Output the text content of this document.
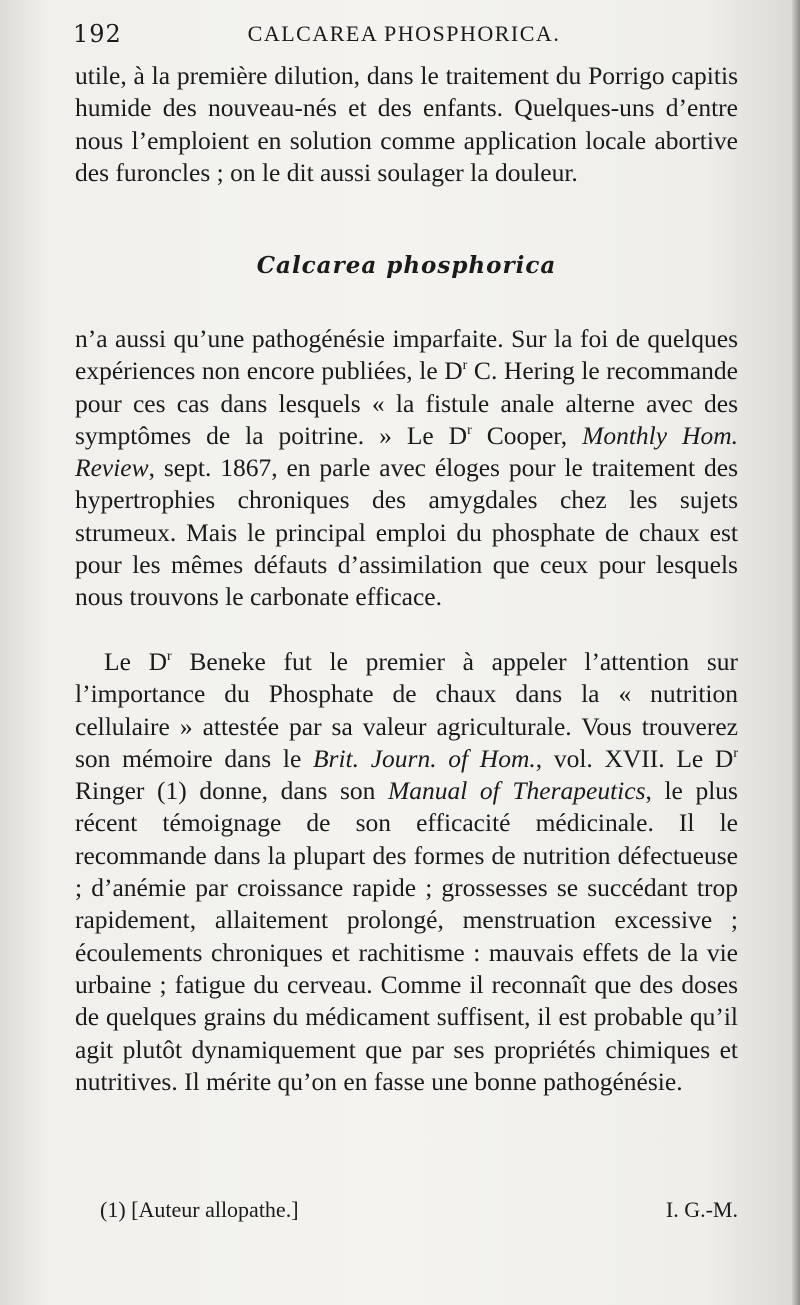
192	CALCAREA PHOSPHORICA.
utile, à la première dilution, dans le traitement du Porrigo capitis humide des nouveau-nés et des enfants. Quelques-uns d’entre nous l’emploient en solution comme application locale abortive des furoncles ; on le dit aussi soulager la douleur.
Calcarea phosphorica
n’a aussi qu’une pathogénésie imparfaite. Sur la foi de quelques expériences non encore publiées, le $D^r$ C. Hering le recommande pour ces cas dans lesquels « la fistule anale alterne avec des symptômes de la poitrine. » Le $D^r$ Cooper, Monthly Hom. Review, sept. 1867, en parle avec éloges pour le traitement des hypertrophies chroniques des amygdales chez les sujets strumeux. Mais le principal emploi du phosphate de chaux est pour les mêmes défauts d’assimilation que ceux pour lesquels nous trouvons le carbonate efficace.
Le $D^r$ Beneke fut le premier à appeler l’attention sur l’importance du Phosphate de chaux dans la « nutrition cellulaire » attestée par sa valeur agriculturale. Vous trouverez son mémoire dans le Brit. Journ. of Hom., vol. XVII. Le $D^r$ Ringer (1) donne, dans son Manual of Therapeutics, le plus récent témoignage de son efficacité médicinale. Il le recommande dans la plupart des formes de nutrition défectueuse ; d’anémie par croissance rapide ; grossesses se succédant trop rapidement, allaitement prolongé, menstruation excessive ; écoulements chroniques et rachitisme : mauvais effets de la vie urbaine ; fatigue du cerveau. Comme il reconnaît que des doses de quelques grains du médicament suffisent, il est probable qu’il agit plutôt dynamiquement que par ses propriétés chimiques et nutritives. Il mérite qu’on en fasse une bonne pathogénésie.
(1) [Auteur allopathe.]	I. G.-M.
